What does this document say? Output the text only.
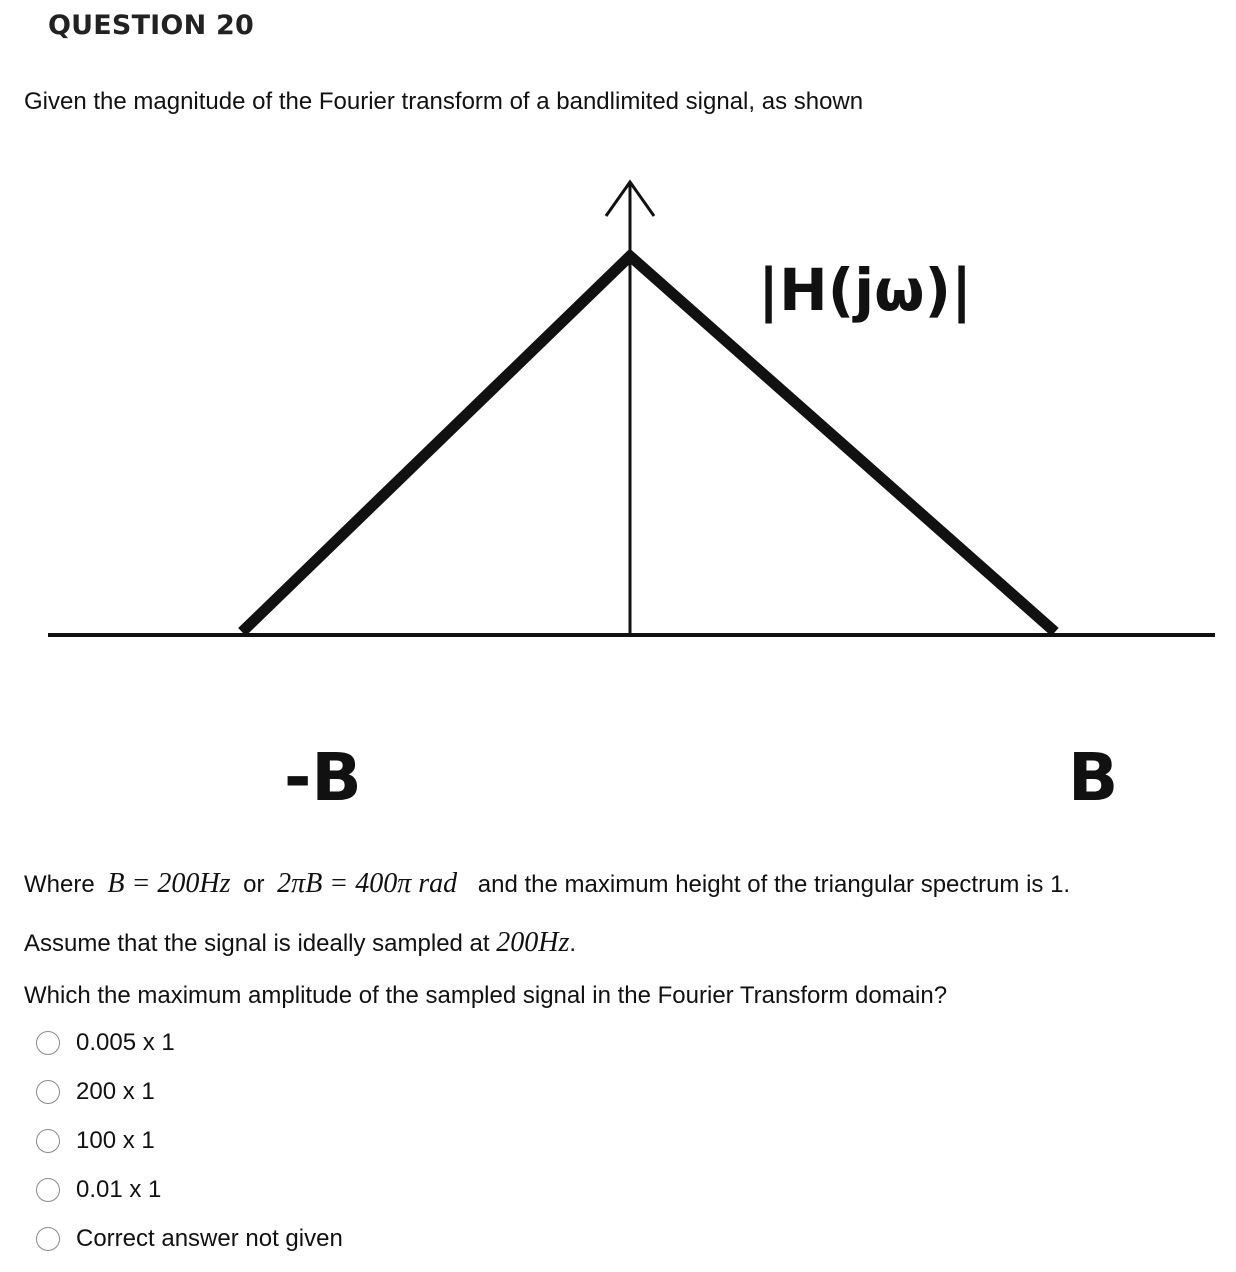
QUESTION 20
Given the magnitude of the Fourier transform of a bandlimited signal, as shown
|H(jω)|
-B	B
Where B = 200Hz or 2πB = 400π rad and the maximum height of the triangular spectrum is 1.
Assume that the signal is ideally sampled at 200Hz.
Which the maximum amplitude of the sampled signal in the Fourier Transform domain?
0.005 x 1
200 x 1
100 x 1
0.01 x 1
Correct answer not given
